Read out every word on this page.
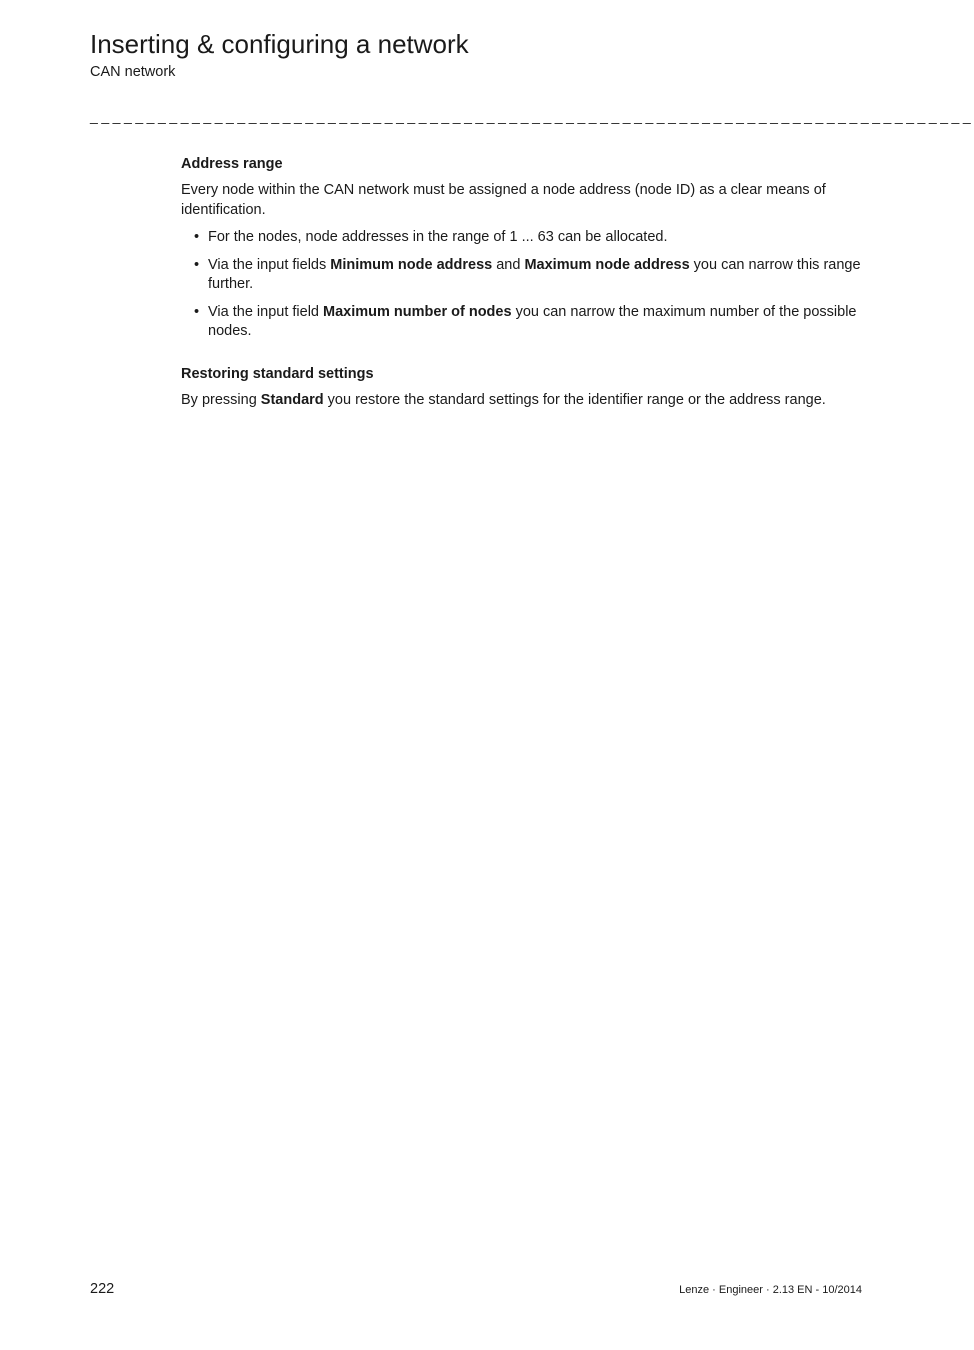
Inserting & configuring a network
CAN network
______________________________________________________________________________
Address range

Every node within the CAN network must be assigned a node address (node ID) as a clear means of identification.

• For the nodes, node addresses in the range of 1 ... 63 can be allocated.
• Via the input fields Minimum node address and Maximum node address you can narrow this range further.
• Via the input field Maximum number of nodes you can narrow the maximum number of the possible nodes.
Restoring standard settings

By pressing Standard you restore the standard settings for the identifier range or the address range.

222	Lenze · Engineer · 2.13 EN - 10/2014
